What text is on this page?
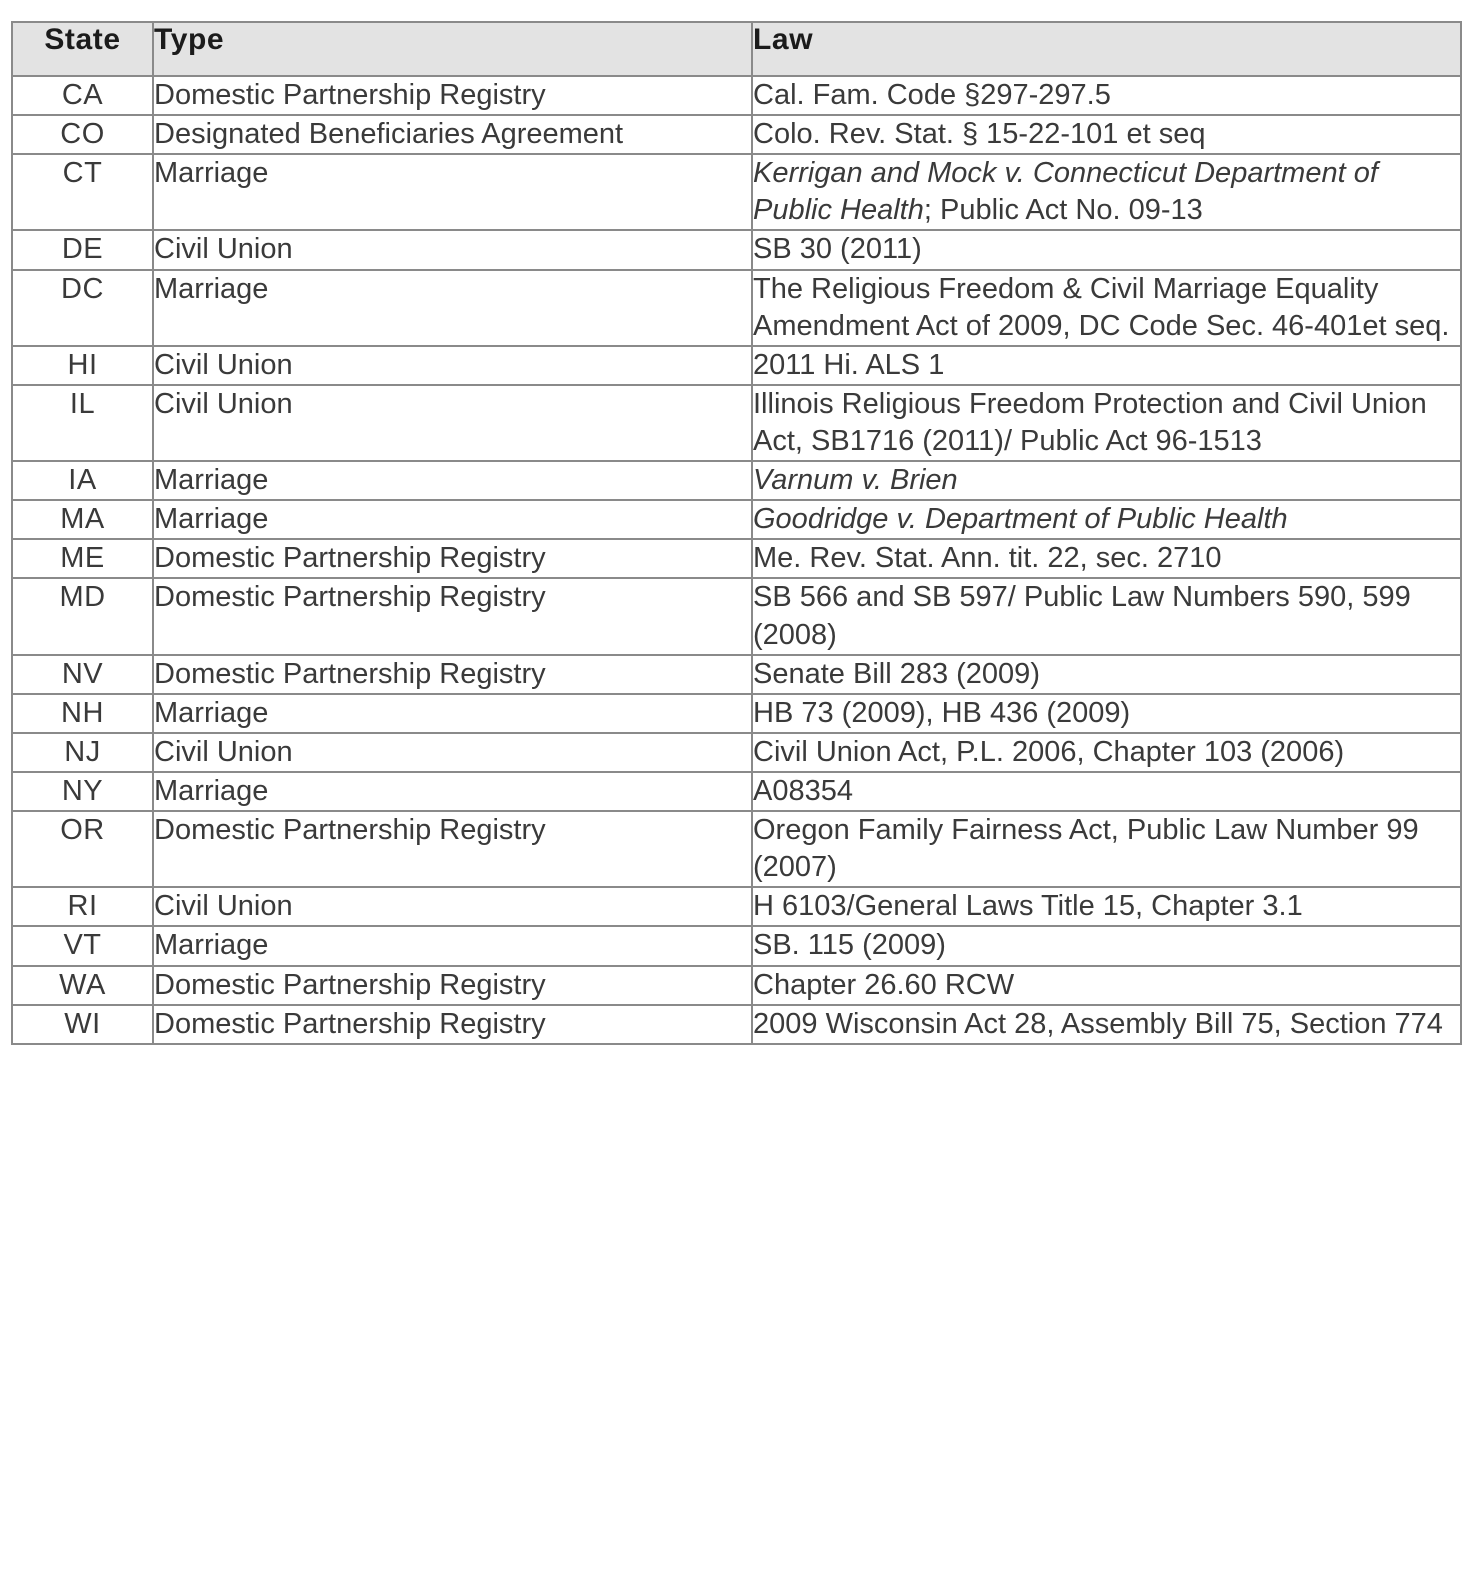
State	Type	Law
CA	Domestic Partnership Registry	Cal. Fam. Code §297-297.5

CO	Designated Beneficiaries Agreement	Colo. Rev. Stat. § 15-22-101 et seq

CT	Marriage	Kerrigan and Mock v. Connecticut Department of Public Health; Public Act No. 09-13

DE	Civil Union	SB 30 (2011)

DC	Marriage	The Religious Freedom & Civil Marriage Equality Amendment Act of 2009, DC Code Sec. 46-401et seq.

HI	Civil Union	2011 Hi. ALS 1

IL	Civil Union	Illinois Religious Freedom Protection and Civil Union Act, SB1716 (2011)/ Public Act 96-1513

IA	Marriage	Varnum v. Brien

MA	Marriage	Goodridge v. Department of Public Health

ME	Domestic Partnership Registry	Me. Rev. Stat. Ann. tit. 22, sec. 2710

MD	Domestic Partnership Registry	SB 566 and SB 597/ Public Law Numbers 590, 599 (2008)

NV	Domestic Partnership Registry	Senate Bill 283 (2009)

NH	Marriage	HB 73 (2009), HB 436 (2009)

NJ	Civil Union	Civil Union Act, P.L. 2006, Chapter 103 (2006)

NY	Marriage	A08354

OR	Domestic Partnership Registry	Oregon Family Fairness Act, Public Law Number 99 (2007)

RI	Civil Union	H 6103/General Laws Title 15, Chapter 3.1

VT	Marriage	SB. 115 (2009)

WA	Domestic Partnership Registry	Chapter 26.60 RCW

WI	Domestic Partnership Registry	2009 Wisconsin Act 28, Assembly Bill 75, Section 774
